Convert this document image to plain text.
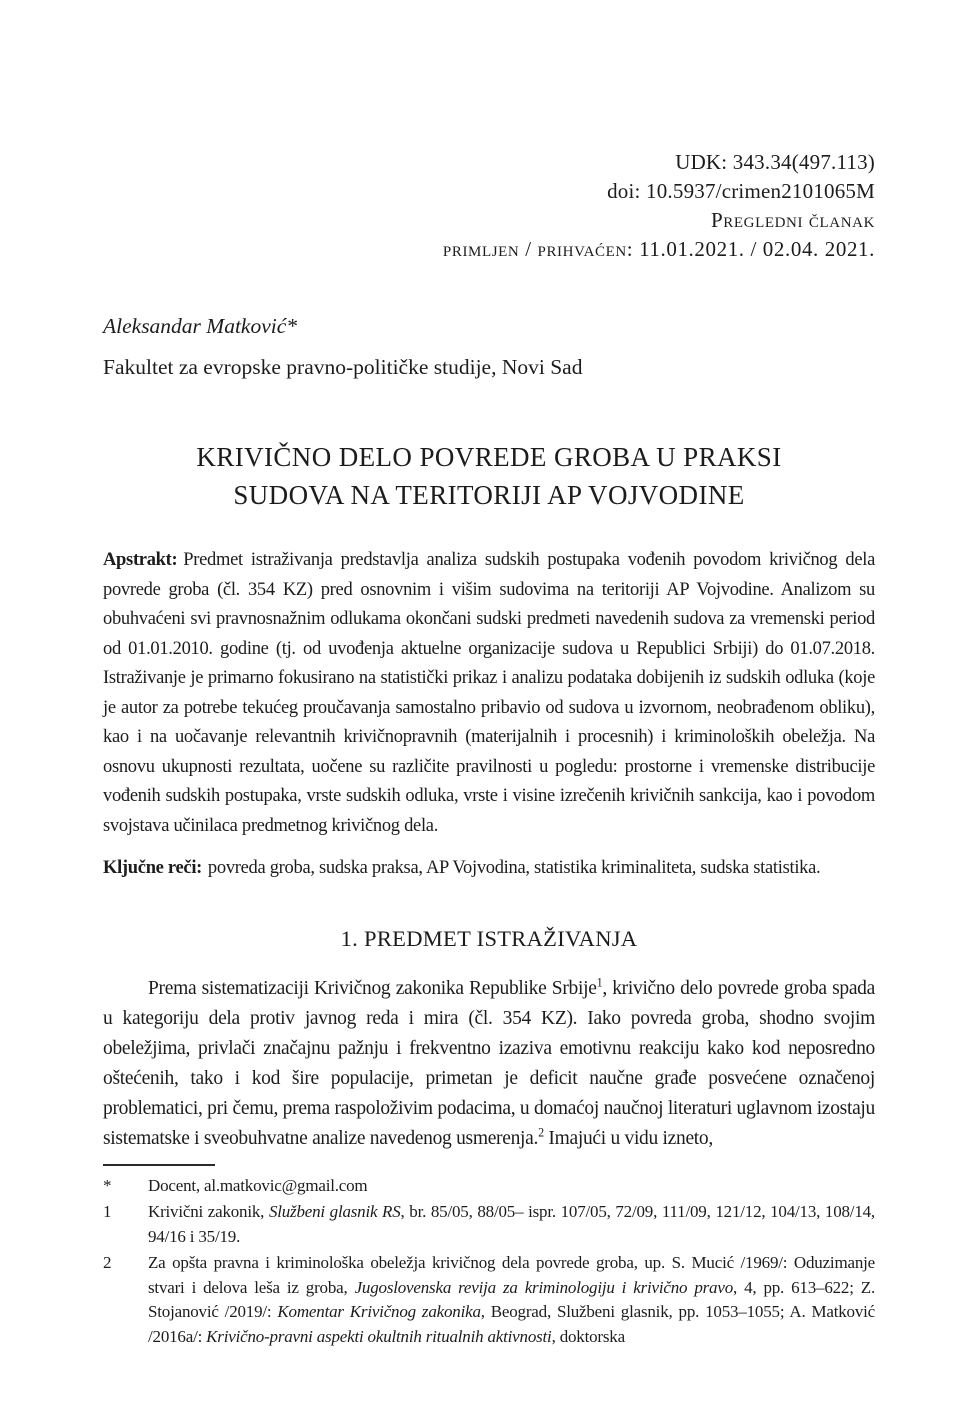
UDK: 343.34(497.113)
doi: 10.5937/crimen2101065M
Pregledni članak
primljen / prihvaćen: 11.01.2021. / 02.04. 2021.

Aleksandar Matković*

Fakultet za evropske pravno-političke studije, Novi Sad

KRIVIČNO DELO POVREDE GROBA U PRAKSI
SUDOVA NA TERITORIJI AP VOJVODINE

Apstrakt: Predmet istraživanja predstavlja analiza sudskih postupaka vođenih povodom krivičnog dela povrede groba (čl. 354 KZ) pred osnovnim i višim sudovima na teritoriji AP Vojvodine. Analizom su obuhvaćeni svi pravnosnažnim odlukama okončani sudski predmeti navedenih sudova za vremenski period od 01.01.2010. godine (tj. od uvođenja aktuelne organizacije sudova u Republici Srbiji) do 01.07.2018. Istraživanje je primarno fokusirano na statistički prikaz i analizu podataka dobijenih iz sudskih odluka (koje je autor za potrebe tekućeg proučavanja samostalno pribavio od sudova u izvornom, neobrađenom obliku), kao i na uočavanje relevantnih krivičnopravnih (materijalnih i procesnih) i kriminoloških obeležja. Na osnovu ukupnosti rezultata, uočene su različite pravilnosti u pogledu: prostorne i vremenske distribucije vođenih sudskih postupaka, vrste sudskih odluka, vrste i visine izrečenih krivičnih sankcija, kao i povodom svojstava učinilaca predmetnog krivičnog dela.

Ključne reči: povreda groba, sudska praksa, AP Vojvodina, statistika kriminaliteta, sudska statistika.

1. PREDMET ISTRAŽIVANJA

Prema sistematizaciji Krivičnog zakonika Republike Srbije$^1$, krivično delo povrede groba spada u kategoriju dela protiv javnog reda i mira (čl. 354 KZ). Iako povreda groba, shodno svojim obeležjima, privlači značajnu pažnju i frekventno izaziva emotivnu reakciju kako kod neposredno oštećenih, tako i kod šire populacije, primetan je deficit naučne građe posvećene označenoj problematici, pri čemu, prema raspoloživim podacima, u domaćoj naučnoj literaturi uglavnom izostaju sistematske i sveobuhvatne analize navedenog usmerenja.$^2$ Imajući u vidu izneto,

* Docent, al.matkovic@gmail.com
1 Krivični zakonik, Službeni glasnik RS, br. 85/05, 88/05– ispr. 107/05, 72/09, 111/09, 121/12, 104/13, 108/14, 94/16 i 35/19.
2 Za opšta pravna i kriminološka obeležja krivičnog dela povrede groba, up. S. Mucić /1969/: Oduzimanje stvari i delova leša iz groba, Jugoslovenska revija za kriminologiju i krivično pravo, 4, pp. 613–622; Z. Stojanović /2019/: Komentar Krivičnog zakonika, Beograd, Službeni glasnik, pp. 1053–1055; A. Matković /2016a/: Krivično-pravni aspekti okultnih ritualnih aktivnosti, doktorska
